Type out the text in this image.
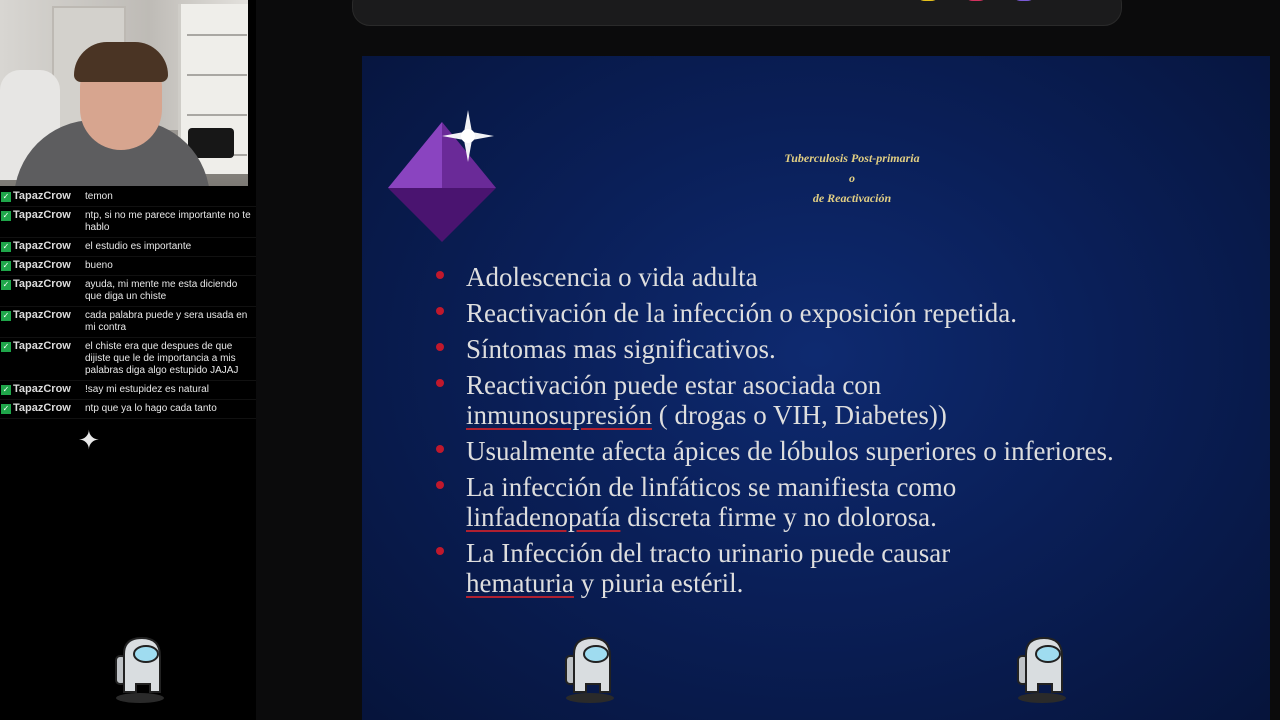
✓ TapazCrow	temon
✓ TapazCrow	ntp, si no me parece importante no te hablo
✓ TapazCrow	el estudio es importante
✓ TapazCrow	bueno
✓ TapazCrow	ayuda, mi mente me esta diciendo que diga un chiste
✓ TapazCrow	cada palabra puede y sera usada en mi contra
✓ TapazCrow	el chiste era que despues de que dijiste que le de importancia a mis palabras diga algo estupido JAJAJ
✓ TapazCrow	!say mi estupidez es natural
✓ TapazCrow	ntp que ya lo hago cada tanto
✦
Tuberculosis Post-primaria
o
de Reactivación
Adolescencia o vida adulta
Reactivación de la infección o exposición repetida.
Síntomas mas significativos.
Reactivación puede estar asociada con
inmunosupresión ( drogas o VIH, Diabetes))
Usualmente afecta ápices de lóbulos superiores o inferiores.
La infección de linfáticos se manifiesta como
linfadenopatía discreta firme y no dolorosa.
La Infección del tracto urinario puede causar
hematuria y piuria estéril.
